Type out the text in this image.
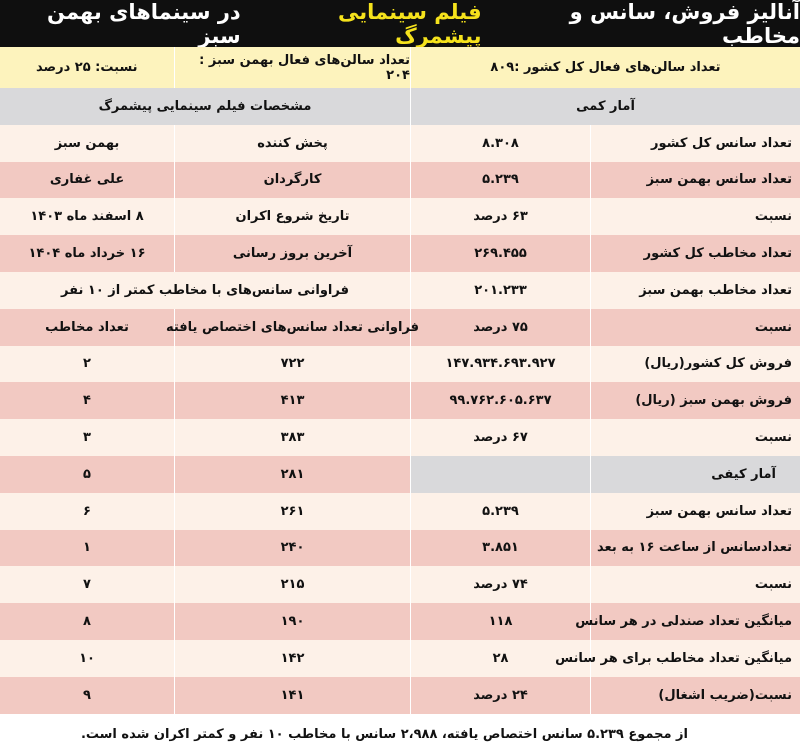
آنالیز فروش، سانس و مخاطب
فیلم سینمایی پیشمرگ
در سینماهای بهمن سبز
تعداد سالن‌های فعال کل کشور :۸۰۹
تعداد سالن‌های فعال بهمن سبز : ۲۰۴
نسبت: ۲۵ درصد
آمار کمی
مشخصات فیلم سینمایی پیشمرگ
تعداد سانس کل کشور
۸.۳۰۸
پخش کننده
بهمن سبز
تعداد سانس بهمن سبز
۵.۲۳۹
کارگردان
علی غفاری
نسبت
۶۳ درصد
تاریخ شروع اکران
۸ اسفند ماه ۱۴۰۳
تعداد مخاطب کل کشور
۲۶۹.۴۵۵
آخرین بروز رسانی
۱۶ خرداد ماه ۱۴۰۴
تعداد مخاطب بهمن سبز
۲۰۱.۲۳۳
فراوانی سانس‌های با مخاطب کمتر از ۱۰ نفر
نسبت
۷۵ درصد
فراوانی تعداد سانس‌های اختصاص یافته
تعداد مخاطب
فروش کل کشور(ریال)
۱۴۷.۹۳۴.۶۹۳.۹۲۷
۷۲۲
۲
فروش بهمن سبز (ریال)
۹۹.۷۶۲.۶۰۵.۶۳۷
۴۱۳
۴
نسبت
۶۷ درصد
۳۸۳
۳
آمار کیفی
۲۸۱
۵
تعداد سانس بهمن سبز
۵.۲۳۹
۲۶۱
۶
تعدادسانس از ساعت ۱۶ به بعد
۳.۸۵۱
۲۴۰
۱
نسبت
۷۴ درصد
۲۱۵
۷
میانگین تعداد صندلی در هر سانس
۱۱۸
۱۹۰
۸
میانگین تعداد مخاطب برای هر سانس
۲۸
۱۴۲
۱۰
نسبت(ضریب اشغال)
۲۴ درصد
۱۴۱
۹
از مجموع ۵.۲۳۹ سانس اختصاص یافته، ۲،۹۸۸ سانس با مخاطب ۱۰ نفر و کمتر اکران شده است.
